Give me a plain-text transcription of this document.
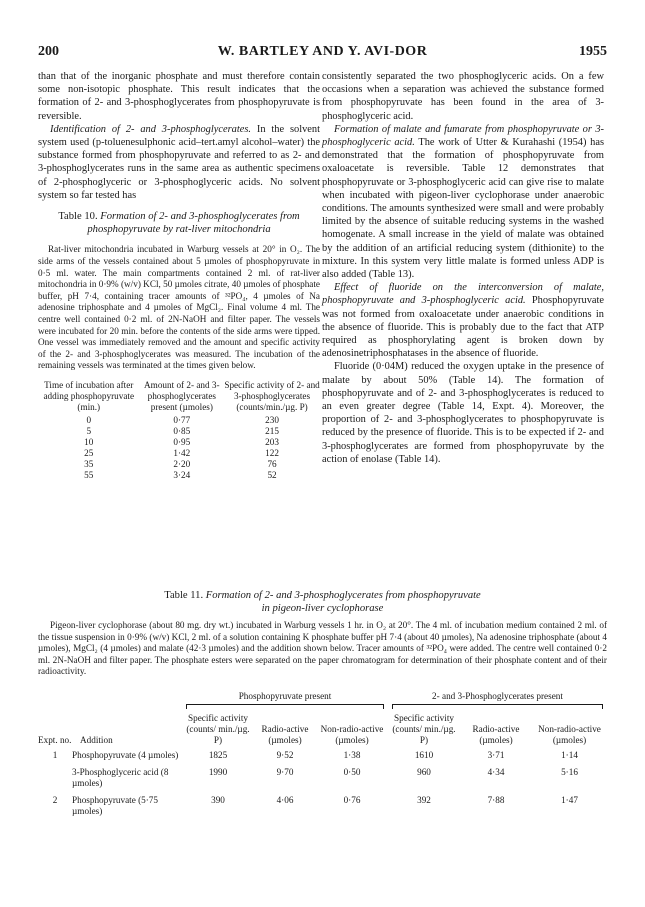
200	W. BARTLEY AND Y. AVI-DOR	1955

than that of the inorganic phosphate and must therefore contain some non-isotopic phosphate. This result indicates that the formation of 2- and 3-phosphoglycerates from phosphopyruvate is reversible.

Identification of 2- and 3-phosphoglycerates. In the solvent system used (p-toluenesulphonic acid–tert.amyl alcohol–water) the substance formed from phosphopyruvate and referred to as 2- and 3-phosphoglycerates runs in the same area as authentic specimens of 2-phosphoglyceric or 3-phosphoglyceric acids. No solvent system so far tested has

Table 10. Formation of 2- and 3-phosphoglycerates from phosphopyruvate by rat-liver mitochondria

Rat-liver mitochondria incubated in Warburg vessels at 20° in O₂. The side arms of the vessels contained about 5 µmoles of phosphopyruvate in 0·5 ml. water. The main compartments contained 2 ml. of rat-liver mitochondria in 0·9% (w/v) KCl, 50 µmoles citrate, 40 µmoles of phosphate buffer, pH 7·4, containing tracer amounts of ³²PO₄, 4 µmoles of Na adenosine triphosphate and 4 µmoles of MgCl₂. Final volume 4 ml. The centre well contained 0·2 ml. of 2N-NaOH and filter paper. The vessels were incubated for 20 min. before the contents of the side arms were tipped. One vessel was immediately removed and the amount and specific activity of the 2- and 3-phosphoglycerates was measured. The incubation of the remaining vessels was terminated at the times given below.

Time of incubation after adding phosphopyruvate (min.)	Amount of 2- and 3-phosphoglycerates present (µmoles)	Specific activity of 2- and 3-phosphoglycerates (counts/min./µg. P)
0	0·77	230
5	0·85	215
10	0·95	203
25	1·42	122
35	2·20	76
55	3·24	52

consistently separated the two phosphoglyceric acids. On a few occasions when a separation was achieved the substance formed from phosphopyruvate has been found in the area of 3-phosphoglyceric acid.

Formation of malate and fumarate from phosphopyruvate or 3-phosphoglyceric acid. The work of Utter & Kurahashi (1954) has demonstrated that the formation of phosphopyruvate from oxaloacetate is reversible. Table 12 demonstrates that phosphopyruvate or 3-phosphoglyceric acid can give rise to malate when incubated with pigeon-liver cyclophorase under anaerobic conditions. The amounts synthesized were small and were probably limited by the absence of suitable reducing systems in the washed homogenate. A small increase in the yield of malate was obtained by the addition of an artificial reducing system (dithionite) to the mixture. In this system very little malate is formed unless ADP is also added (Table 13).

Effect of fluoride on the interconversion of malate, phosphopyruvate and 3-phosphoglyceric acid. Phosphopyruvate was not formed from oxaloacetate under anaerobic conditions in the absence of fluoride. This is probably due to the fact that ATP required as phosphorylating agent is broken down by adenosinetriphosphatases in the absence of fluoride.

Fluoride (0·04M) reduced the oxygen uptake in the presence of malate by about 50% (Table 14). The formation of phosphopyruvate and of 2- and 3-phosphoglycerates is reduced to an even greater degree (Table 14, Expt. 4). Moreover, the proportion of 2- and 3-phosphoglycerates to phosphopyruvate is reduced by the presence of fluoride. This is to be expected if 2- and 3-phosphoglycerates are formed from phosphopyruvate by the action of enolase (Table 14).

Table 11. Formation of 2- and 3-phosphoglycerates from phosphopyruvate
in pigeon-liver cyclophorase
Pigeon-liver cyclophorase (about 80 mg. dry wt.) incubated in Warburg vessels 1 hr. in O₂ at 20°. The 4 ml. of incubation medium contained 2 ml. of the tissue suspension in 0·9% (w/v) KCl, 2 ml. of a solution containing K phosphate buffer pH 7·4 (about 40 µmoles), Na adenosine triphosphate (about 4 µmoles), MgCl₂ (4 µmoles) and malate (42·3 µmoles) and the addition shown below. Tracer amounts of ³²PO₄ were added. The centre well contained 0·2 ml. 2N-NaOH and filter paper. The phosphate esters were separated on the paper chromatogram for determination of their phosphate content and of their radioactivity.

		Phosphopyruvate present			2- and 3-Phosphoglycerates present		

Expt. no.	Addition	Specific activity (counts/ min./µg. P)	Radio-active (µmoles)	Non-radio-active (µmoles)	Specific activity (counts/ min./µg. P)	Radio-active (µmoles)	Non-radio-active (µmoles)
1	Phosphopyruvate (4 µmoles)	1825	9·52	1·38	1610	3·71	1·14
	3-Phosphoglyceric acid (8 µmoles)	1990	9·70	0·50	960	4·34	5·16
2	Phosphopyruvate (5·75 µmoles)	390	4·06	0·76	392	7·88	1·47
